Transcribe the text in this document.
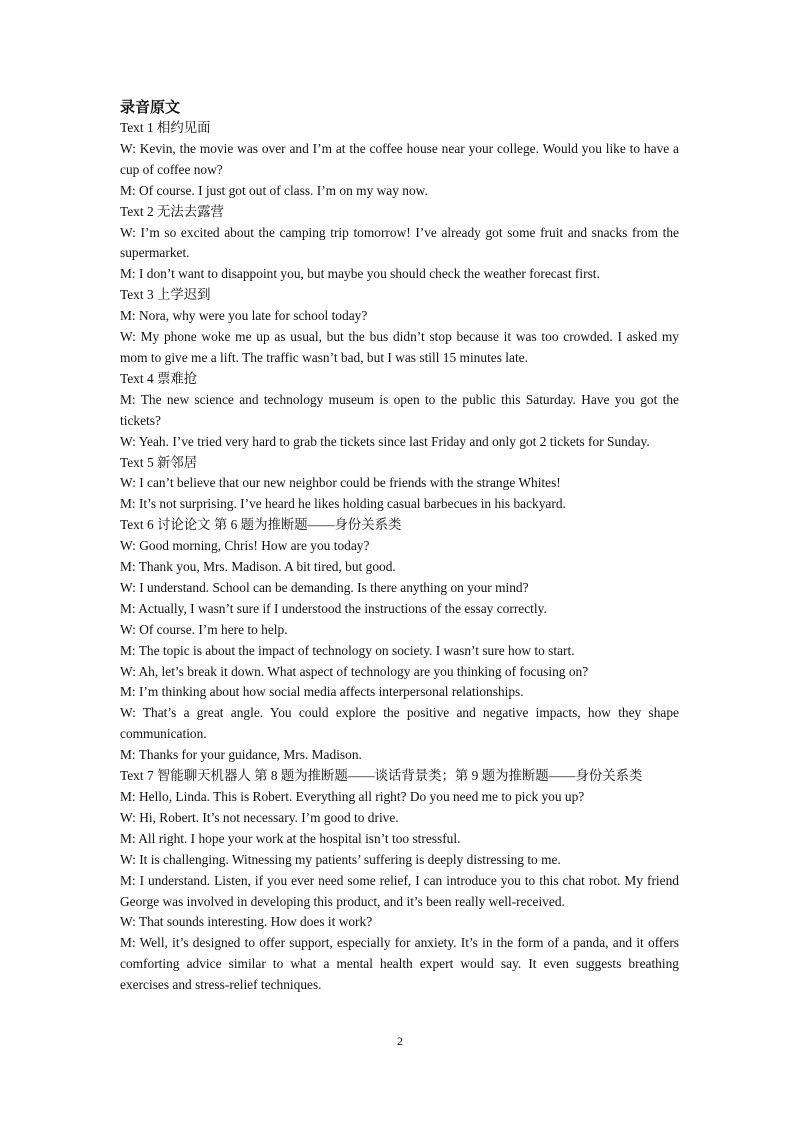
录音原文

Text 1 相约见面

W: Kevin, the movie was over and I’m at the coffee house near your college. Would you like to have a cup of coffee now?

M: Of course. I just got out of class. I’m on my way now.

Text 2 无法去露营

W: I’m so excited about the camping trip tomorrow! I’ve already got some fruit and snacks from the supermarket.

M: I don’t want to disappoint you, but maybe you should check the weather forecast first.

Text 3 上学迟到

M: Nora, why were you late for school today?

W: My phone woke me up as usual, but the bus didn’t stop because it was too crowded. I asked my mom to give me a lift. The traffic wasn’t bad, but I was still 15 minutes late.

Text 4 票难抢

M: The new science and technology museum is open to the public this Saturday. Have you got the tickets?

W: Yeah. I’ve tried very hard to grab the tickets since last Friday and only got 2 tickets for Sunday.

Text 5 新邻居

W: I can’t believe that our new neighbor could be friends with the strange Whites!

M: It’s not surprising. I’ve heard he likes holding casual barbecues in his backyard.

Text 6 讨论论文 第 6 题为推断题——身份关系类

W: Good morning, Chris! How are you today?

M: Thank you, Mrs. Madison. A bit tired, but good.

W: I understand. School can be demanding. Is there anything on your mind?

M: Actually, I wasn’t sure if I understood the instructions of the essay correctly.

W: Of course. I’m here to help.

M: The topic is about the impact of technology on society. I wasn’t sure how to start.

W: Ah, let’s break it down. What aspect of technology are you thinking of focusing on?

M: I’m thinking about how social media affects interpersonal relationships.

W: That’s a great angle. You could explore the positive and negative impacts, how they shape communication.

M: Thanks for your guidance, Mrs. Madison.

Text 7 智能聊天机器人 第 8 题为推断题——谈话背景类；第 9 题为推断题——身份关系类

M: Hello, Linda. This is Robert. Everything all right? Do you need me to pick you up?

W: Hi, Robert. It’s not necessary. I’m good to drive.

M: All right. I hope your work at the hospital isn’t too stressful.

W: It is challenging. Witnessing my patients’ suffering is deeply distressing to me.

M: I understand. Listen, if you ever need some relief, I can introduce you to this chat robot. My friend George was involved in developing this product, and it’s been really well-received.

W: That sounds interesting. How does it work?

M: Well, it’s designed to offer support, especially for anxiety. It’s in the form of a panda, and it offers comforting advice similar to what a mental health expert would say. It even suggests breathing exercises and stress-relief techniques.

2
